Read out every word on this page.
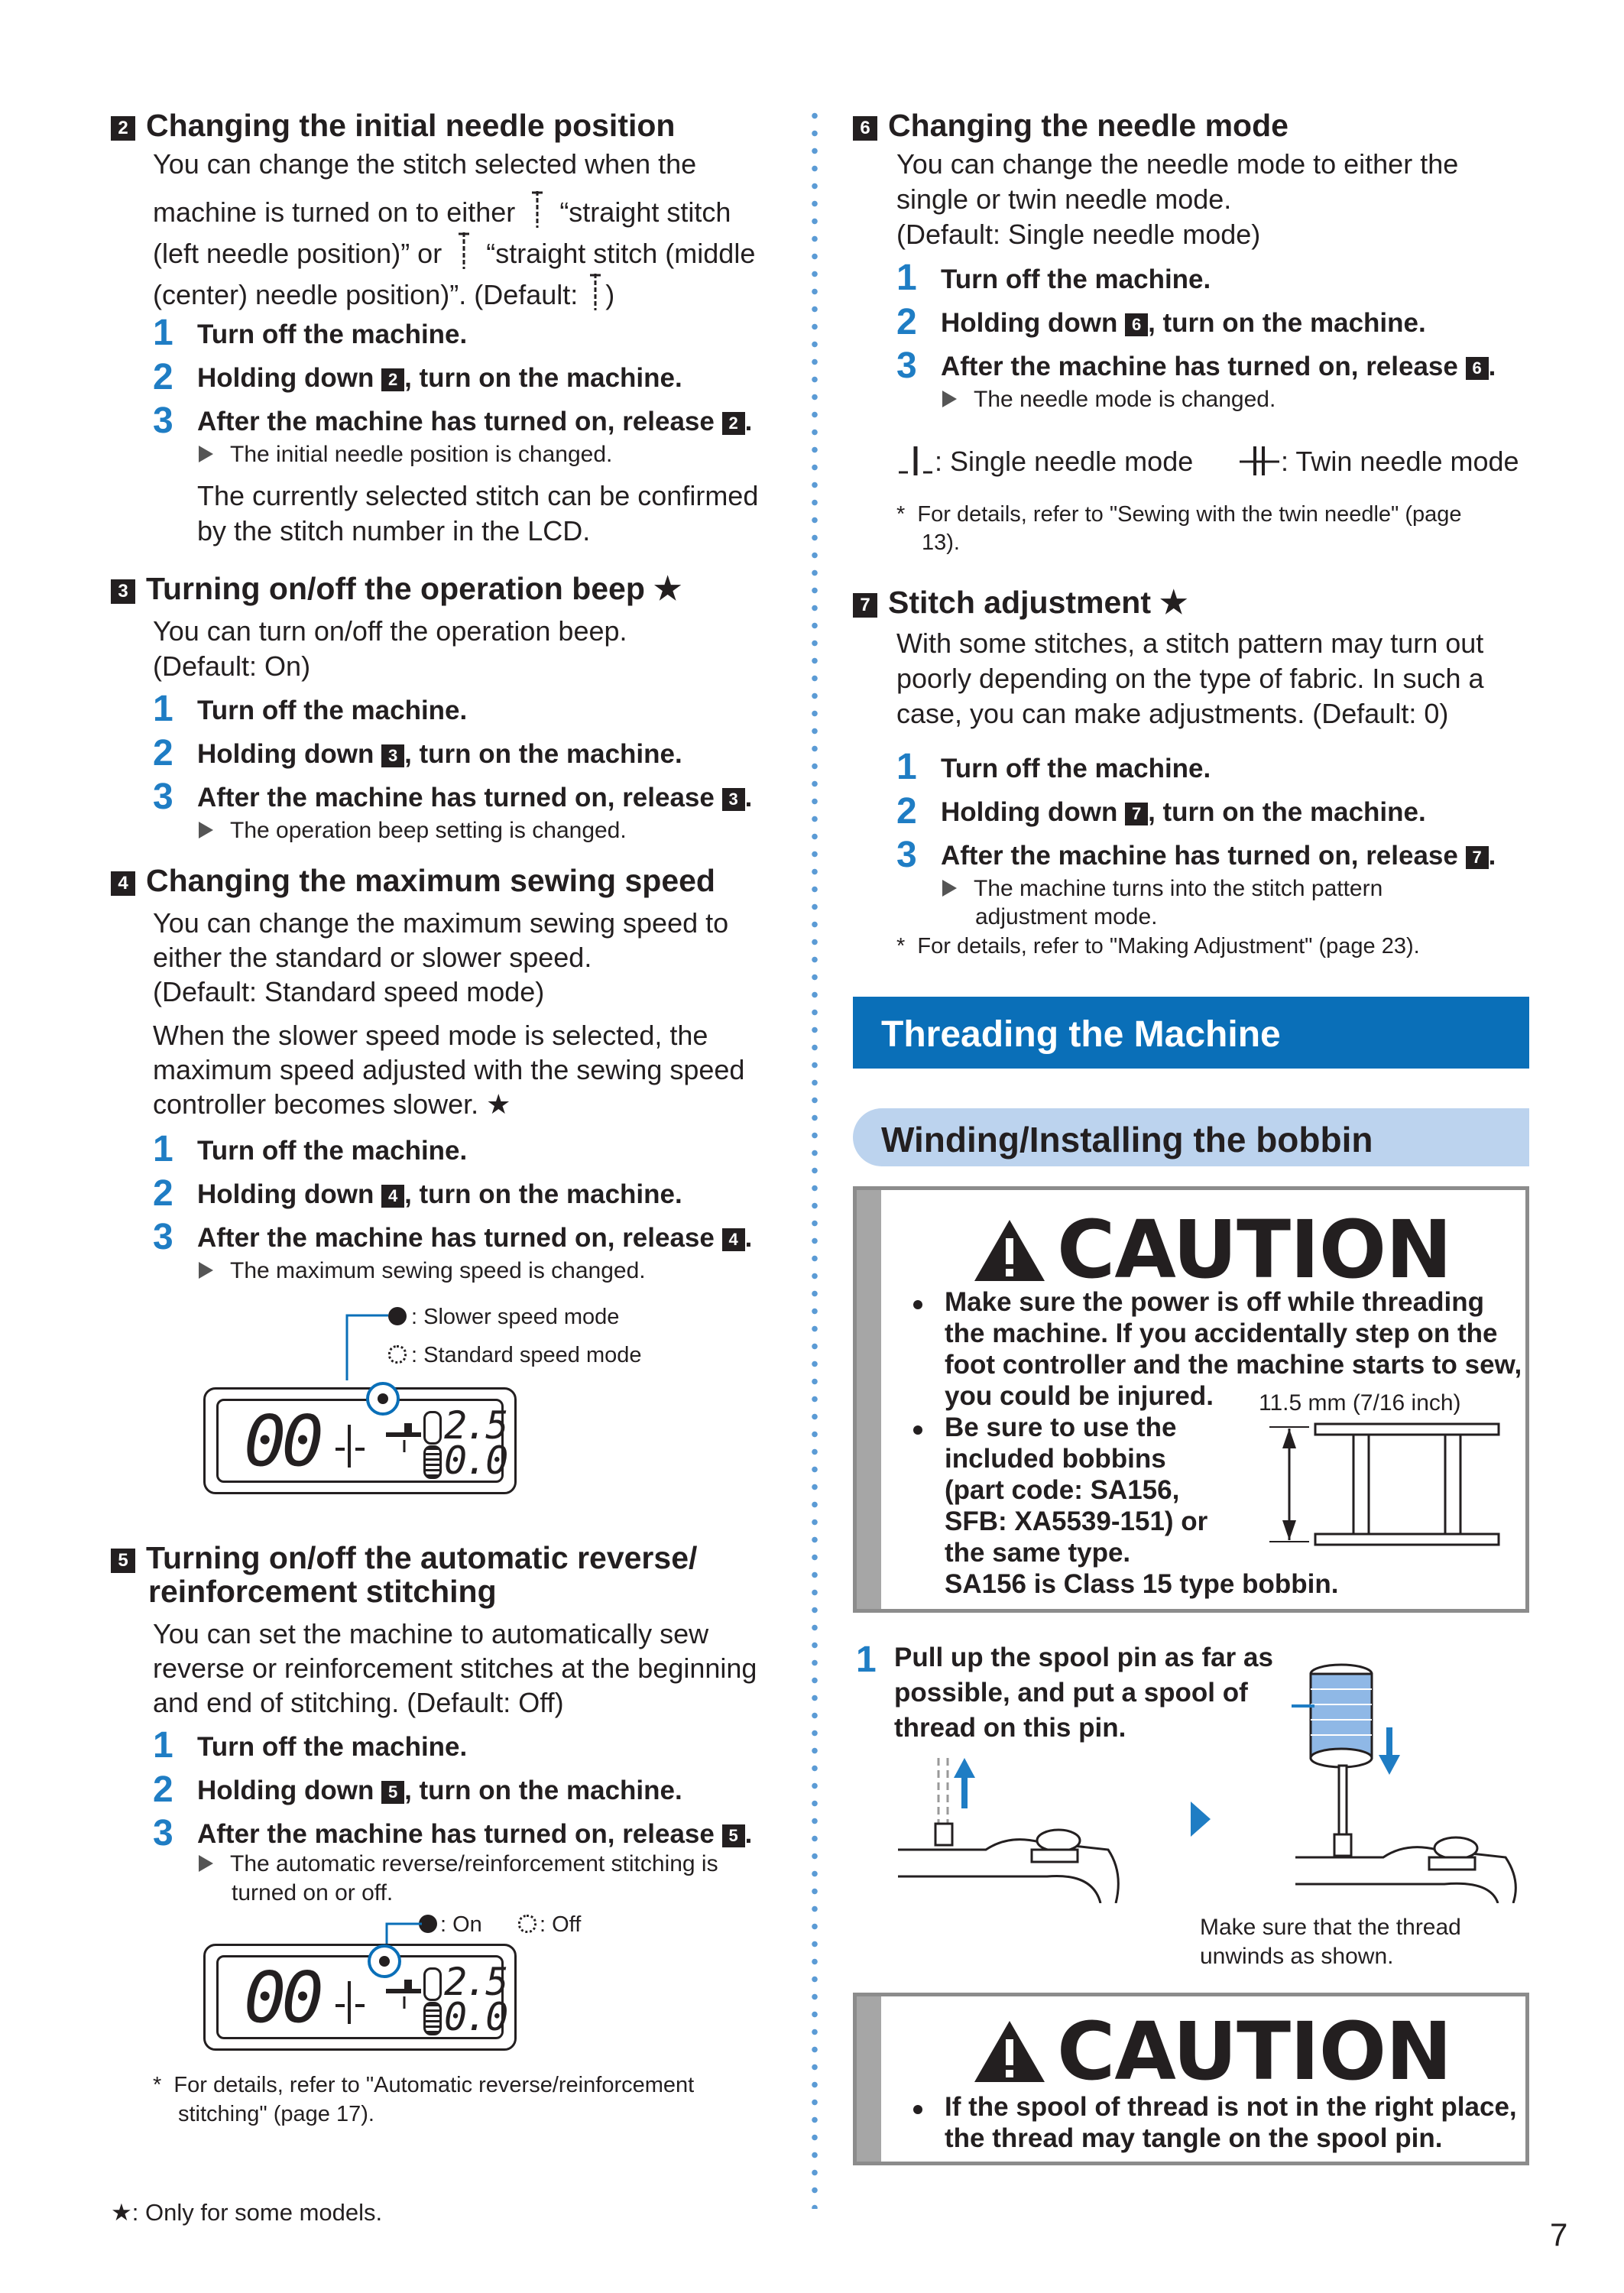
2 Changing the initial needle position
You can change the stitch selected when the
machine is turned on to either “straight stitch
(left needle position)” or “straight stitch (middle
(center) needle position)”. (Default: )
1 Turn off the machine.
2 Holding down 2 , turn on the machine.
3 After the machine has turned on, release 2 .
The initial needle position is changed.
The currently selected stitch can be confirmed
by the stitch number in the LCD.
3 Turning on/off the operation beep ★
You can turn on/off the operation beep.
(Default: On)
1 Turn off the machine.
2 Holding down 3 , turn on the machine.
3 After the machine has turned on, release 3 .
The operation beep setting is changed.
4 Changing the maximum sewing speed
You can change the maximum sewing speed to
either the standard or slower speed.
(Default: Standard speed mode)
When the slower speed mode is selected, the
maximum speed adjusted with the sewing speed
controller becomes slower. ★
1 Turn off the machine.
2 Holding down 4 , turn on the machine.
3 After the machine has turned on, release 4 .
The maximum sewing speed is changed.
: Slower speed mode
: Standard speed mode
00	2.5
0.0
5 Turning on/off the automatic reverse/
reinforcement stitching
You can set the machine to automatically sew
reverse or reinforcement stitches at the beginning
and end of stitching. (Default: Off)
1 Turn off the machine.
2 Holding down 5 , turn on the machine.
3 After the machine has turned on, release 5 .
The automatic reverse/reinforcement stitching is
turned on or off.
: On	: Off
00	2.5
0.0
* For details, refer to "Automatic reverse/reinforcement
stitching" (page 17).
★: Only for some models.
6 Changing the needle mode
You can change the needle mode to either the
single or twin needle mode.
(Default: Single needle mode)
1 Turn off the machine.
2 Holding down 6 , turn on the machine.
3 After the machine has turned on, release 6 .
The needle mode is changed.
: Single needle mode	: Twin needle mode
* For details, refer to "Sewing with the twin needle" (page
13).
7 Stitch adjustment ★
With some stitches, a stitch pattern may turn out
poorly depending on the type of fabric. In such a
case, you can make adjustments. (Default: 0)
1 Turn off the machine.
2 Holding down 7 , turn on the machine.
3 After the machine has turned on, release 7 .
The machine turns into the stitch pattern
adjustment mode.
* For details, refer to "Making Adjustment" (page 23).
Threading the Machine
Winding/Installing the bobbin
CAUTION
Make sure the power is off while threading
the machine. If you accidentally step on the
foot controller and the machine starts to sew,
you could be injured.
Be sure to use the
included bobbins
(part code: SA156,
SFB: XA5539-151) or
the same type.
SA156 is Class 15 type bobbin.
11.5 mm (7/16 inch)
1 Pull up the spool pin as far as
possible, and put a spool of
thread on this pin.
Make sure that the thread
unwinds as shown.
CAUTION
If the spool of thread is not in the right place,
the thread may tangle on the spool pin.
7
